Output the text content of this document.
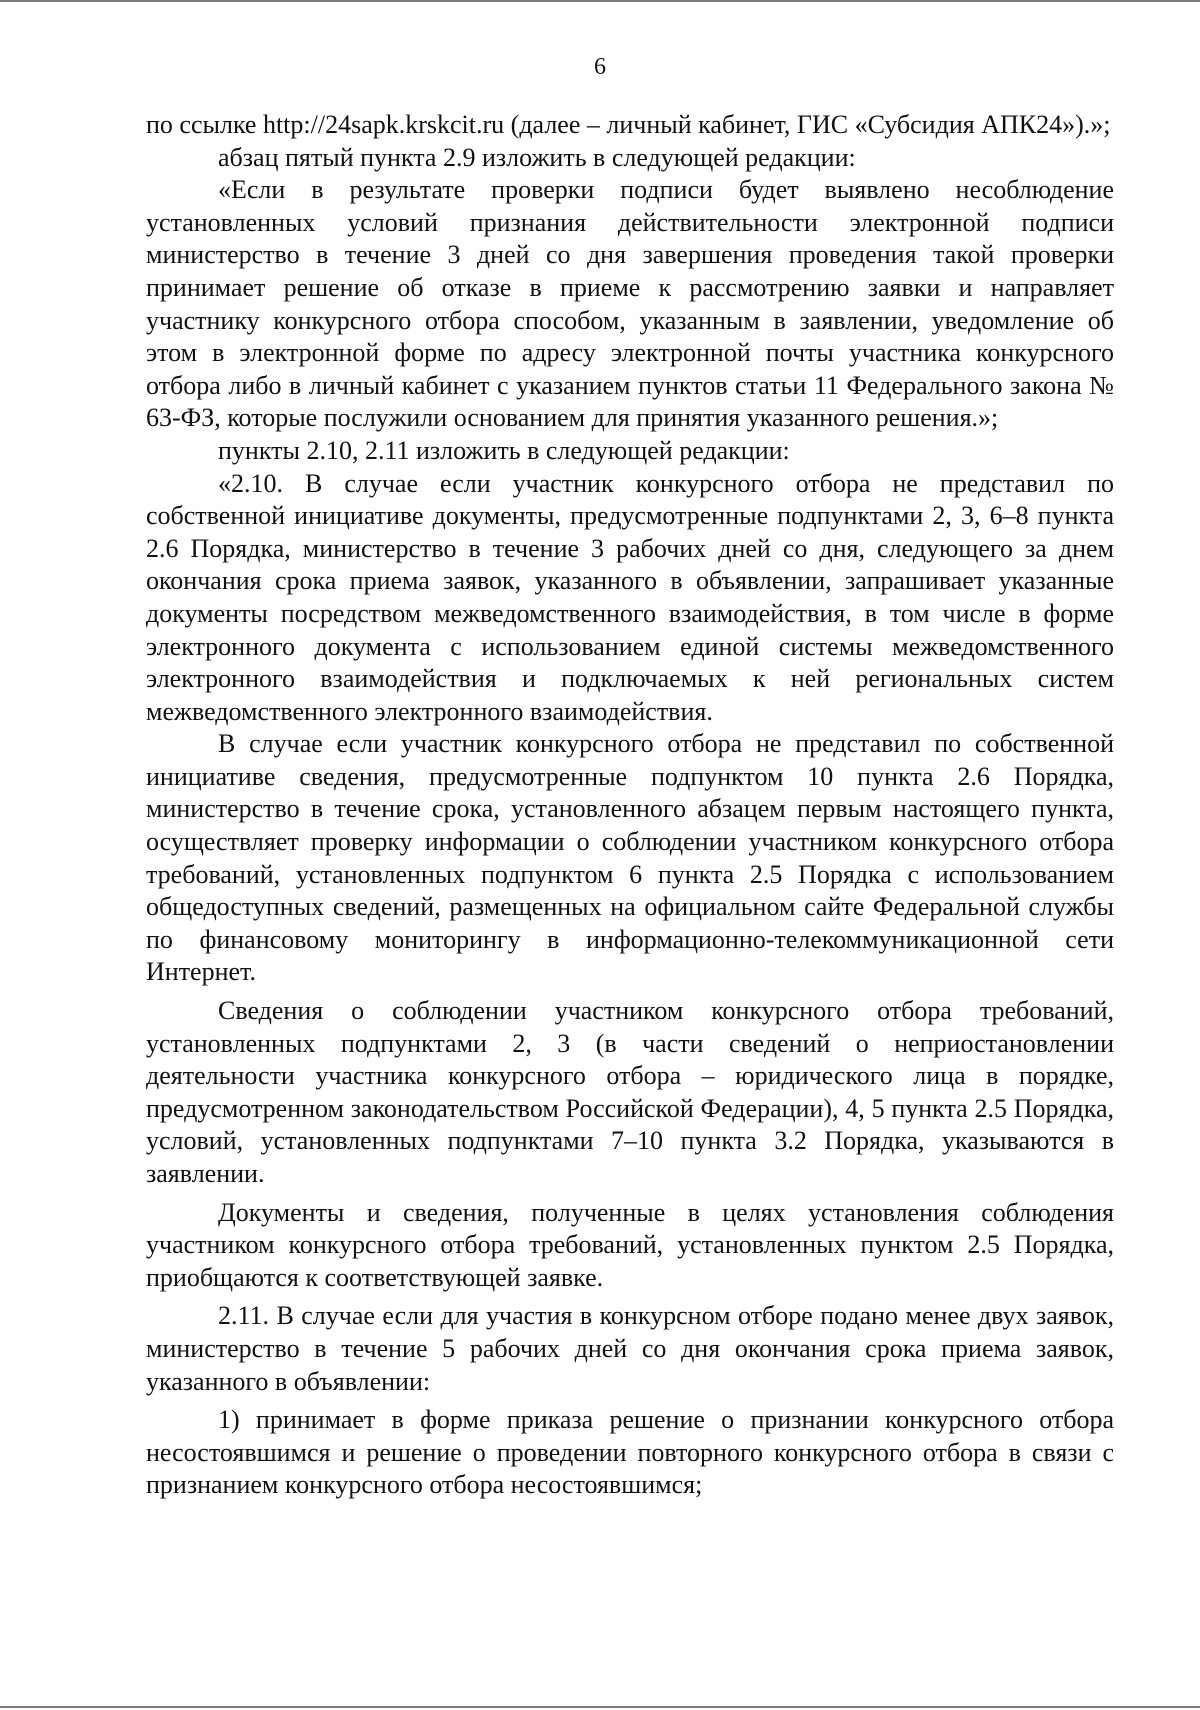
6

по ссылке http://24sapk.krskcit.ru (далее – личный кабинет, ГИС «Субсидия АПК24»).»;

абзац пятый пункта 2.9 изложить в следующей редакции:

«Если в результате проверки подписи будет выявлено несоблюдение установленных условий признания действительности электронной подписи министерство в течение 3 дней со дня завершения проведения такой проверки принимает решение об отказе в приеме к рассмотрению заявки и направляет участнику конкурсного отбора способом, указанным в заявлении, уведомление об этом в электронной форме по адресу электронной почты участника конкурсного отбора либо в личный кабинет с указанием пунктов статьи 11 Федерального закона № 63-ФЗ, которые послужили основанием для принятия указанного решения.»;

пункты 2.10, 2.11 изложить в следующей редакции:

«2.10. В случае если участник конкурсного отбора не представил по собственной инициативе документы, предусмотренные подпунктами 2, 3, 6–8 пункта 2.6 Порядка, министерство в течение 3 рабочих дней со дня, следующего за днем окончания срока приема заявок, указанного в объявлении, запрашивает указанные документы посредством межведомственного взаимодействия, в том числе в форме электронного документа с использованием единой системы межведомственного электронного взаимодействия и подключаемых к ней региональных систем межведомственного электронного взаимодействия.

В случае если участник конкурсного отбора не представил по собственной инициативе сведения, предусмотренные подпунктом 10 пункта 2.6 Порядка, министерство в течение срока, установленного абзацем первым настоящего пункта, осуществляет проверку информации о соблюдении участником конкурсного отбора требований, установленных подпунктом 6 пункта 2.5 Порядка с использованием общедоступных сведений, размещенных на официальном сайте Федеральной службы по финансовому мониторингу в информационно-телекоммуникационной сети Интернет.

Сведения о соблюдении участником конкурсного отбора требований, установленных подпунктами 2, 3 (в части сведений о неприостановлении деятельности участника конкурсного отбора – юридического лица в порядке, предусмотренном законодательством Российской Федерации), 4, 5 пункта 2.5 Порядка, условий, установленных подпунктами 7–10 пункта 3.2 Порядка, указываются в заявлении.

Документы и сведения, полученные в целях установления соблюдения участником конкурсного отбора требований, установленных пунктом 2.5 Порядка, приобщаются к соответствующей заявке.

2.11. В случае если для участия в конкурсном отборе подано менее двух заявок, министерство в течение 5 рабочих дней со дня окончания срока приема заявок, указанного в объявлении:

1) принимает в форме приказа решение о признании конкурсного отбора несостоявшимся и решение о проведении повторного конкурсного отбора в связи с признанием конкурсного отбора несостоявшимся;
